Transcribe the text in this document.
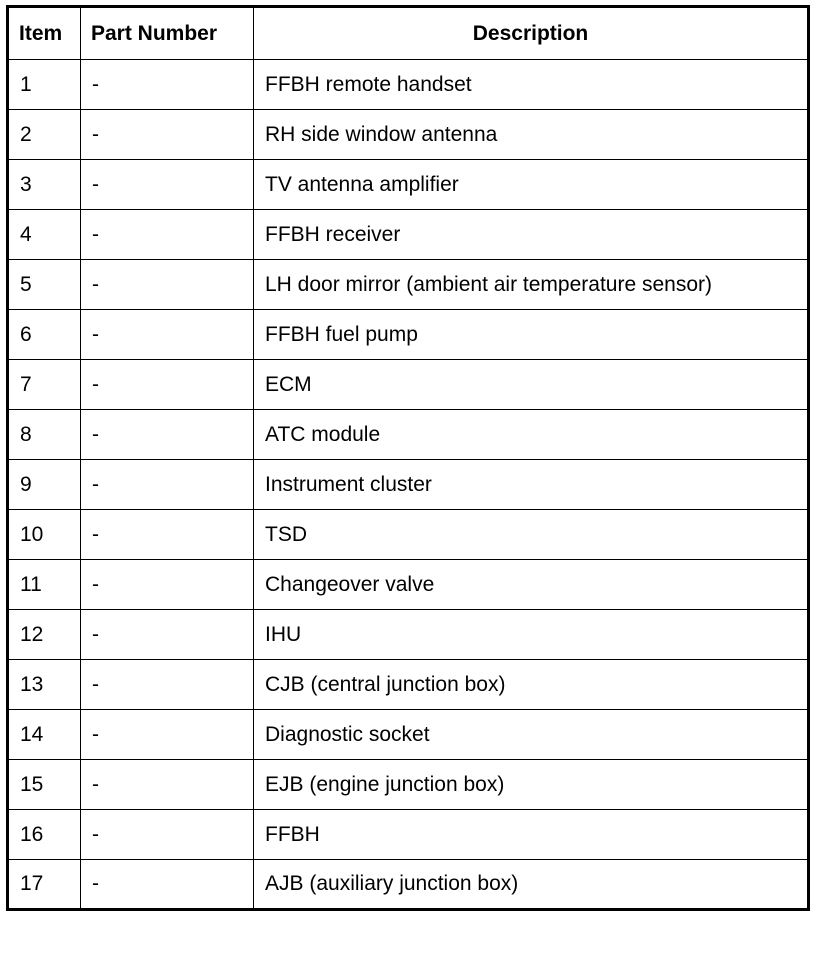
Item	Part Number	Description
1	-	FFBH remote handset
2	-	RH side window antenna
3	-	TV antenna amplifier
4	-	FFBH receiver
5	-	LH door mirror (ambient air temperature sensor)
6	-	FFBH fuel pump
7	-	ECM
8	-	ATC module
9	-	Instrument cluster
10	-	TSD
11	-	Changeover valve
12	-	IHU
13	-	CJB (central junction box)
14	-	Diagnostic socket
15	-	EJB (engine junction box)
16	-	FFBH
17	-	AJB (auxiliary junction box)
